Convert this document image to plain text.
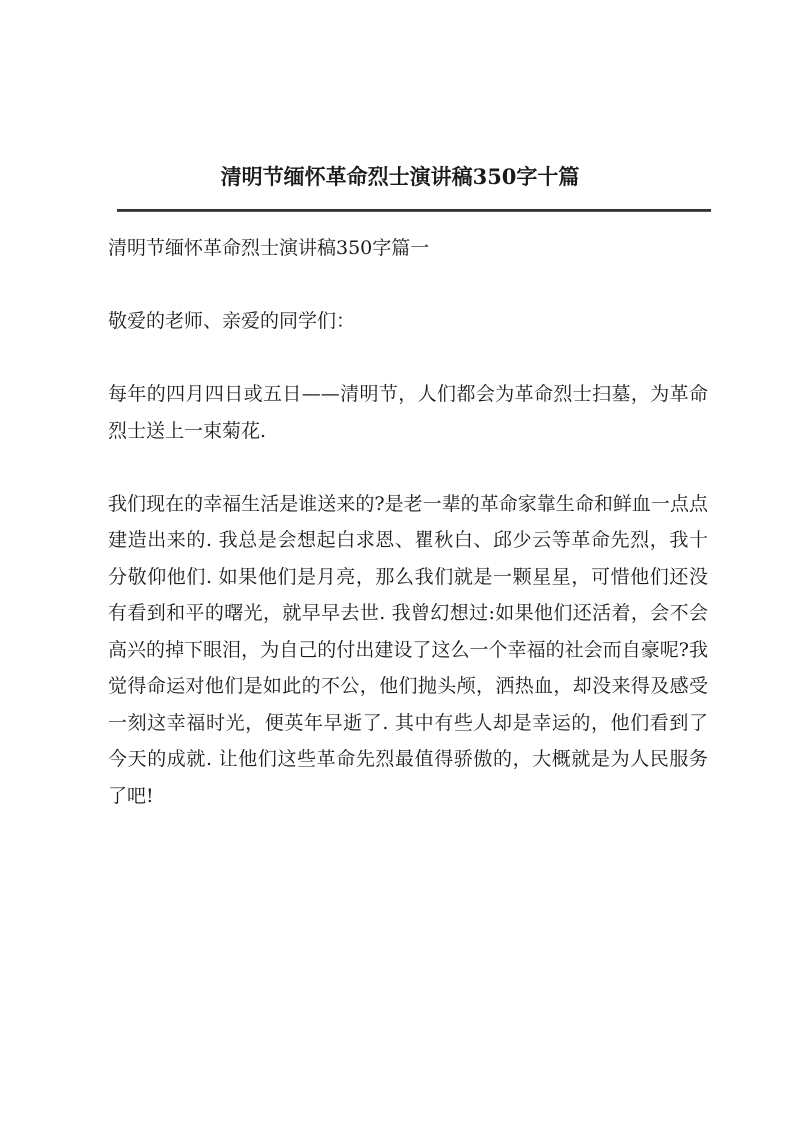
清明节缅怀革命烈士演讲稿350字十篇

清明节缅怀革命烈士演讲稿350字篇一

敬爱的老师、亲爱的同学们：

每年的四月四日或五日——清明节，人们都会为革命烈士扫墓，为革命烈士送上一束菊花.

我们现在的幸福生活是谁送来的?是老一辈的革命家靠生命和鲜血一点点建造出来的. 我总是会想起白求恩、瞿秋白、邱少云等革命先烈，我十分敬仰他们. 如果他们是月亮，那么我们就是一颗星星，可惜他们还没有看到和平的曙光，就早早去世. 我曾幻想过:如果他们还活着，会不会高兴的掉下眼泪，为自己的付出建设了这么一个幸福的社会而自豪呢?我觉得命运对他们是如此的不公，他们抛头颅，洒热血，却没来得及感受一刻这幸福时光，便英年早逝了. 其中有些人却是幸运的，他们看到了今天的成就. 让他们这些革命先烈最值得骄傲的，大概就是为人民服务了吧!
